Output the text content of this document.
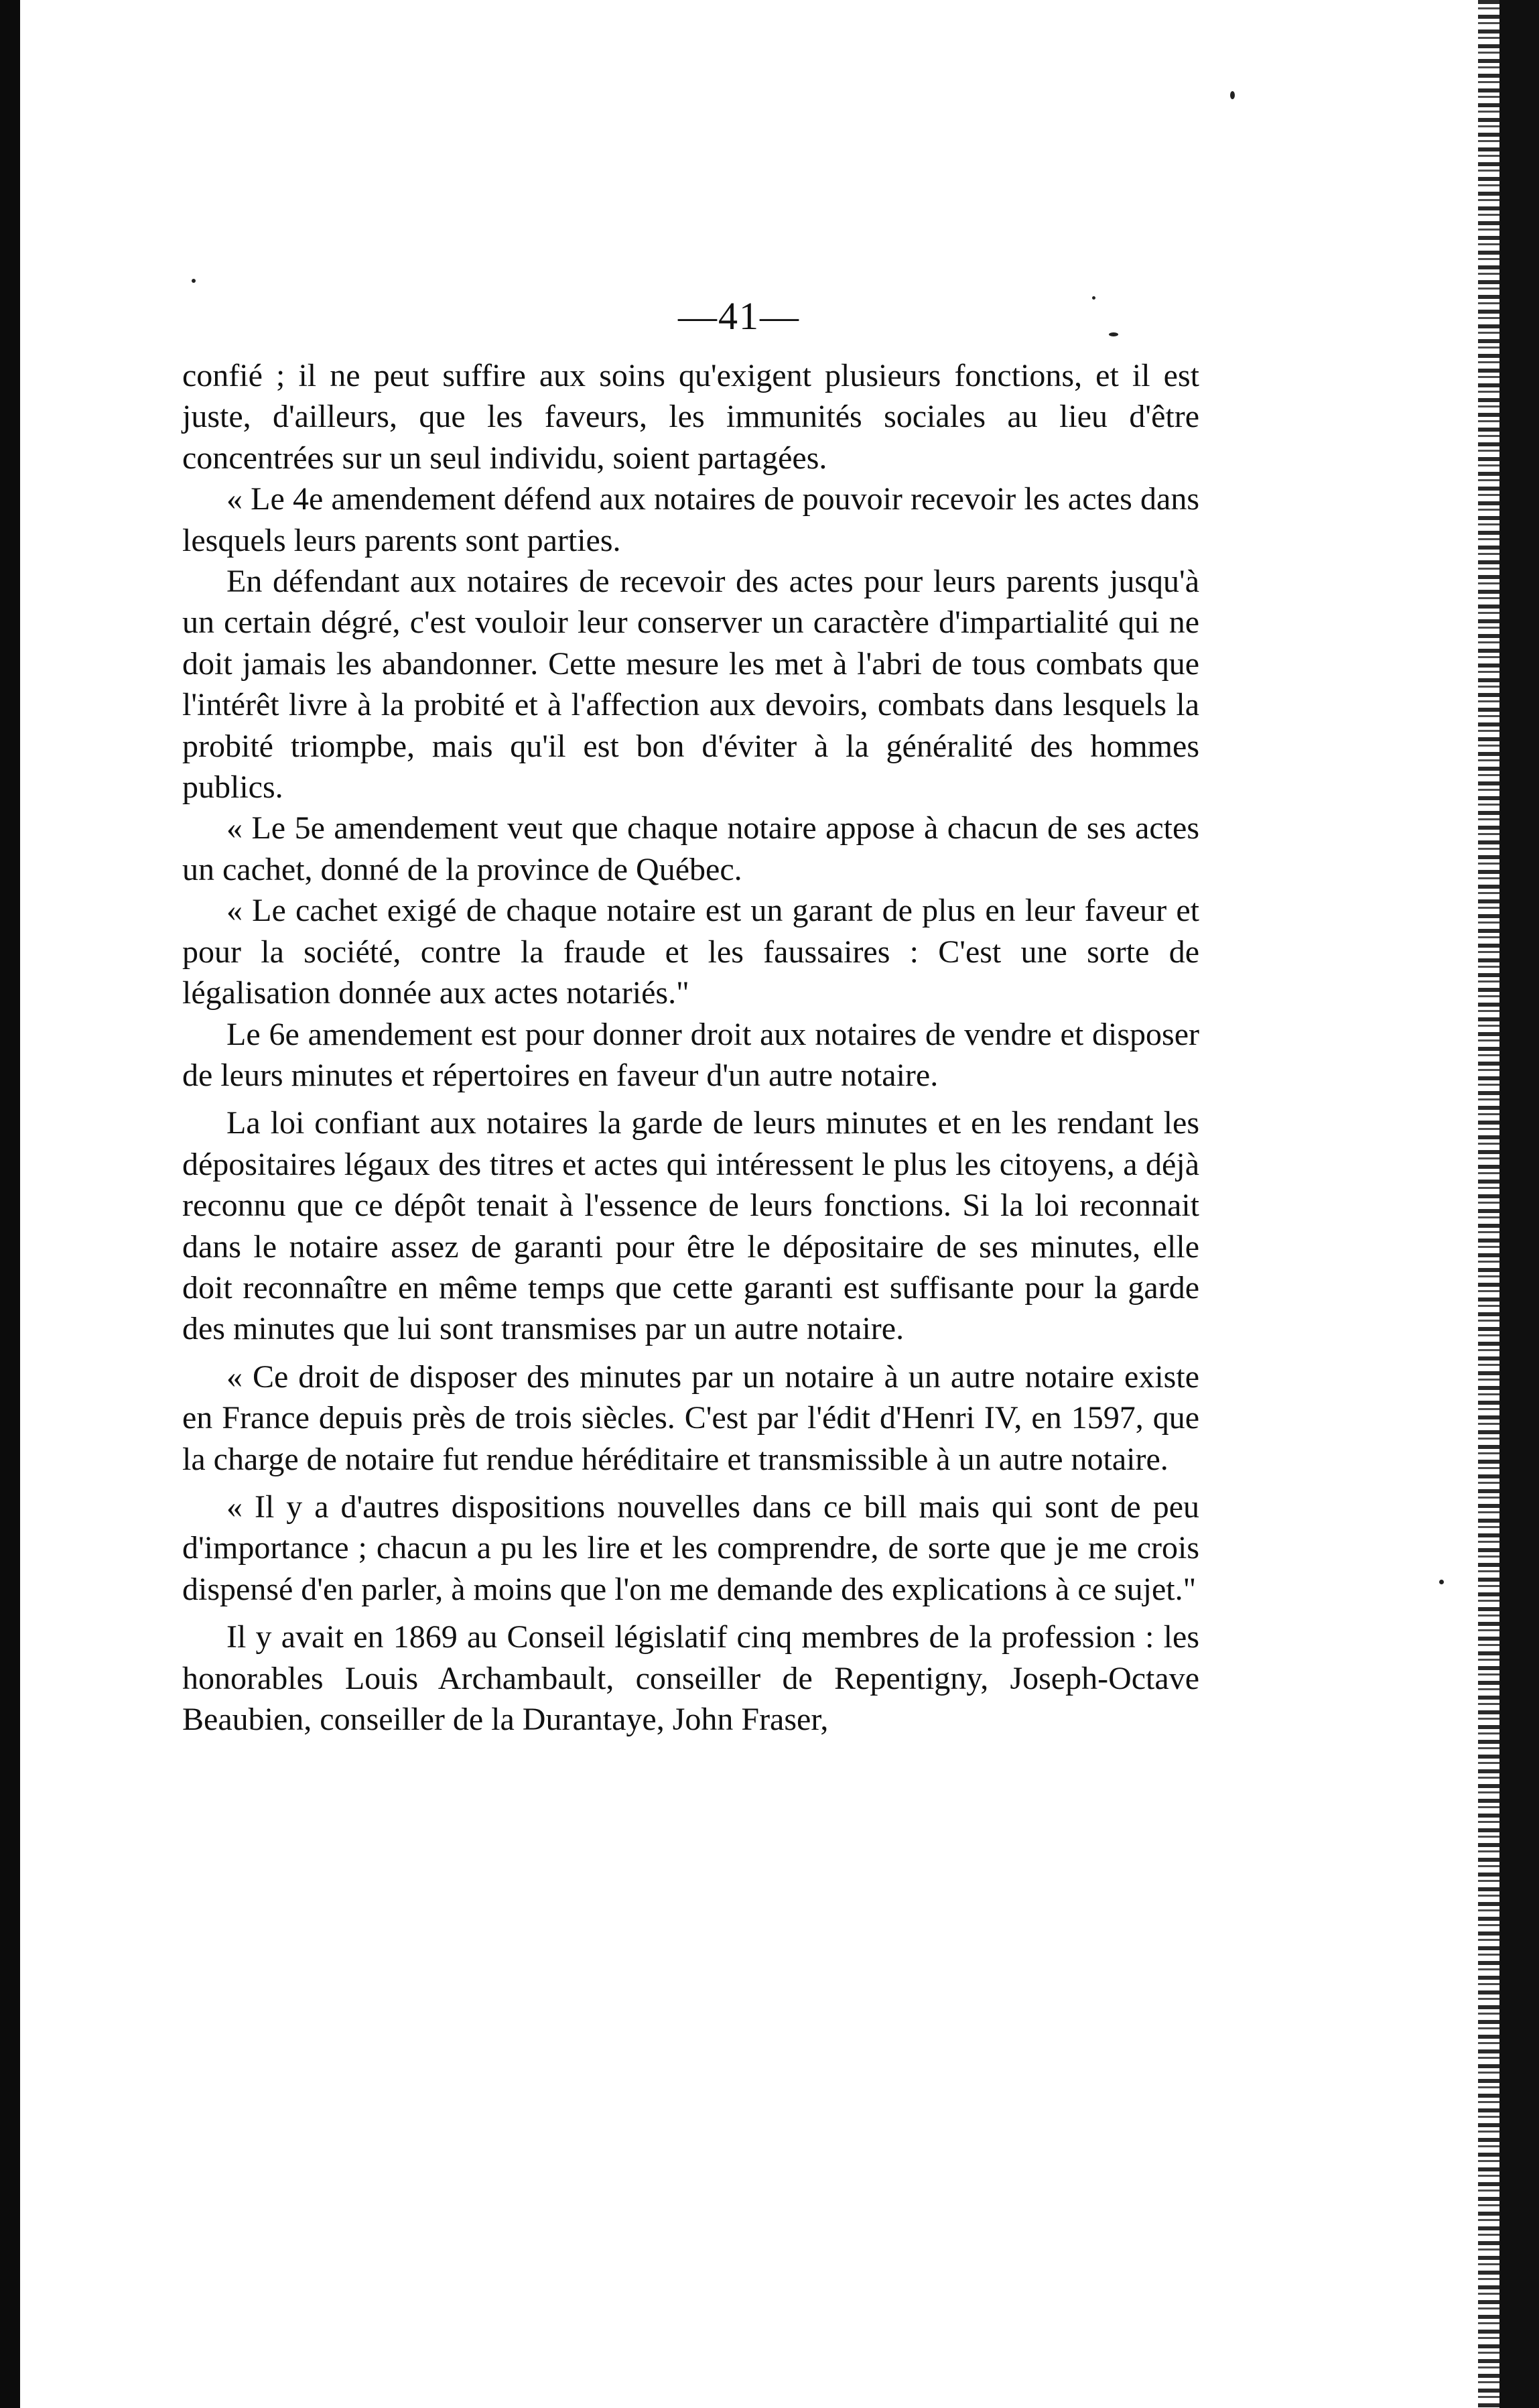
—41—

confié ; il ne peut suffire aux soins qu'exigent plusieurs fonctions, et il est juste, d'ailleurs, que les faveurs, les immunités sociales au lieu d'être concentrées sur un seul individu, soient partagées.

« Le 4e amendement défend aux notaires de pouvoir recevoir les actes dans lesquels leurs parents sont parties.

En défendant aux notaires de recevoir des actes pour leurs parents jusqu'à un certain dégré, c'est vouloir leur conserver un caractère d'impartialité qui ne doit jamais les abandonner. Cette mesure les met à l'abri de tous combats que l'intérêt livre à la probité et à l'affection aux devoirs, combats dans lesquels la probité triompbe, mais qu'il est bon d'éviter à la généralité des hommes publics.

« Le 5e amendement veut que chaque notaire appose à chacun de ses actes un cachet, donné de la province de Québec.

« Le cachet exigé de chaque notaire est un garant de plus en leur faveur et pour la société, contre la fraude et les faussaires : C'est une sorte de légalisation donnée aux actes notariés."

Le 6e amendement est pour donner droit aux notaires de vendre et disposer de leurs minutes et répertoires en faveur d'un autre notaire.

La loi confiant aux notaires la garde de leurs minutes et en les rendant les dépositaires légaux des titres et actes qui intéressent le plus les citoyens, a déjà reconnu que ce dépôt tenait à l'essence de leurs fonctions. Si la loi reconnait dans le notaire assez de garanti pour être le dépositaire de ses minutes, elle doit reconnaître en même temps que cette garanti est suffisante pour la garde des minutes que lui sont transmises par un autre notaire.

« Ce droit de disposer des minutes par un notaire à un autre notaire existe en France depuis près de trois siècles. C'est par l'édit d'Henri IV, en 1597, que la charge de notaire fut rendue héréditaire et transmissible à un autre notaire.

« Il y a d'autres dispositions nouvelles dans ce bill mais qui sont de peu d'importance ; chacun a pu les lire et les comprendre, de sorte que je me crois dispensé d'en parler, à moins que l'on me demande des explications à ce sujet."

Il y avait en 1869 au Conseil législatif cinq membres de la profession : les honorables Louis Archambault, conseiller de Repentigny, Joseph-Octave Beaubien, conseiller de la Durantaye, John Fraser,
